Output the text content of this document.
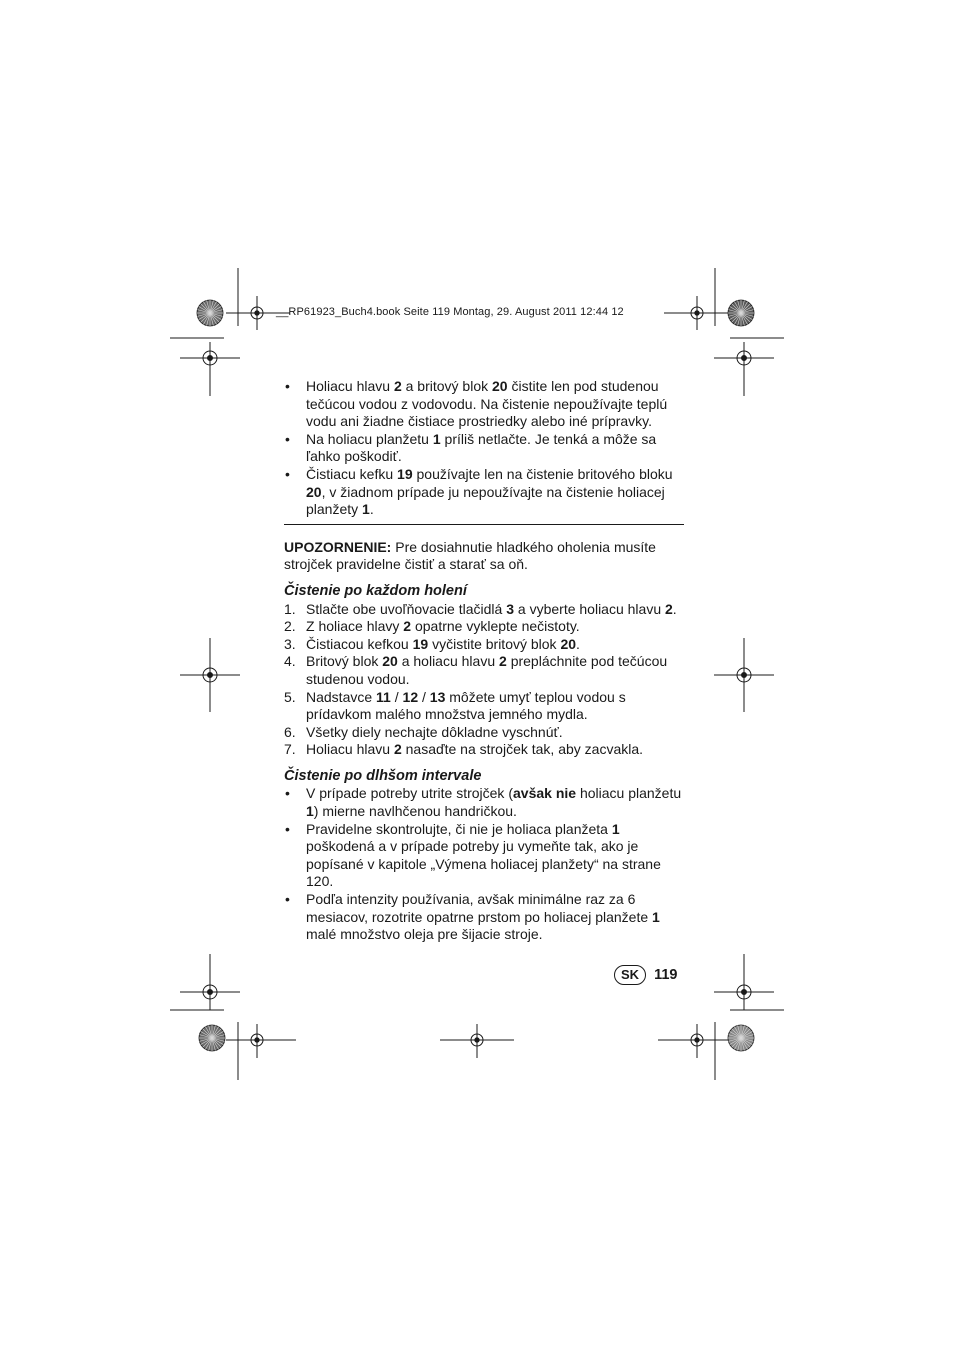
__RP61923_Buch4.book Seite 119 Montag, 29. August 2011 12:44 12
• Holiacu hlavu 2 a britový blok 20 čistite len pod studenou tečúcou vodou z vodovodu. Na čistenie nepoužívajte teplú vodu ani žiadne čistiace prostriedky alebo iné prípravky.
• Na holiacu planžetu 1 príliš netlačte. Je tenká a môže sa ľahko poškodiť.
• Čistiacu kefku 19 používajte len na čistenie britového bloku 20, v žiadnom prípade ju nepoužívajte na čistenie holiacej planžety 1.
UPOZORNENIE: Pre dosiahnutie hladkého oholenia musíte strojček pravidelne čistiť a starať sa oň.
Čistenie po každom holení
1. Stlačte obe uvoľňovacie tlačidlá 3 a vyberte holiacu hlavu 2.
2. Z holiace hlavy 2 opatrne vyklepte nečistoty.
3. Čistiacou kefkou 19 vyčistite britový blok 20.
4. Britový blok 20 a holiacu hlavu 2 prepláchnite pod tečúcou studenou vodou.
5. Nadstavce 11 / 12 / 13 môžete umyť teplou vodou s prídavkom malého množstva jemného mydla.
6. Všetky diely nechajte dôkladne vyschnúť.
7. Holiacu hlavu 2 nasaďte na strojček tak, aby zacvakla.
Čistenie po dlhšom intervale
• V prípade potreby utrite strojček (avšak nie holiacu planžetu 1) mierne navlhčenou handričkou.
• Pravidelne skontrolujte, či nie je holiaca planžeta 1 poškodená a v prípade potreby ju vymeňte tak, ako je popísané v kapitole „Výmena holiacej planžety“ na strane 120.
• Podľa intenzity používania, avšak minimálne raz za 6 mesiacov, rozotrite opatrne prstom po holiacej planžete 1 malé množstvo oleja pre šijacie stroje.
SK	119
